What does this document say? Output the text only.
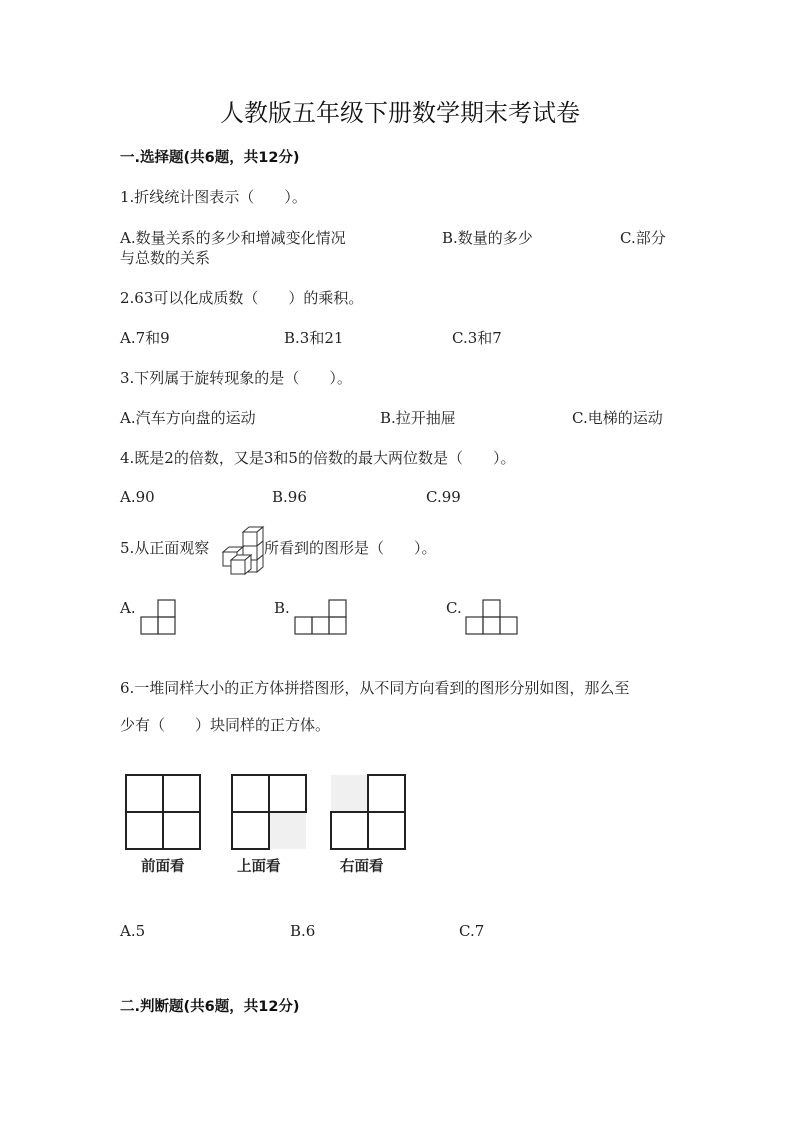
人教版五年级下册数学期末考试卷
一.选择题(共6题，共12分)
1.折线统计图表示（　　）。
A.数量关系的多少和增减变化情况	B.数量的多少	C.部分
与总数的关系
2.63可以化成质数（　　）的乘积。
A.7和9	B.3和21	C.3和7
3.下列属于旋转现象的是（　　）。
A.汽车方向盘的运动	B.拉开抽屉	C.电梯的运动
4.既是2的倍数，又是3和5的倍数的最大两位数是（　　）。
A.90	B.96	C.99
5.从正面观察	所看到的图形是（　　）。
A.	B.	C.
6.一堆同样大小的正方体拼搭图形，从不同方向看到的图形分别如图，那么至
少有（　　）块同样的正方体。
前面看	上面看	右面看
A.5	B.6	C.7
二.判断题(共6题，共12分)
